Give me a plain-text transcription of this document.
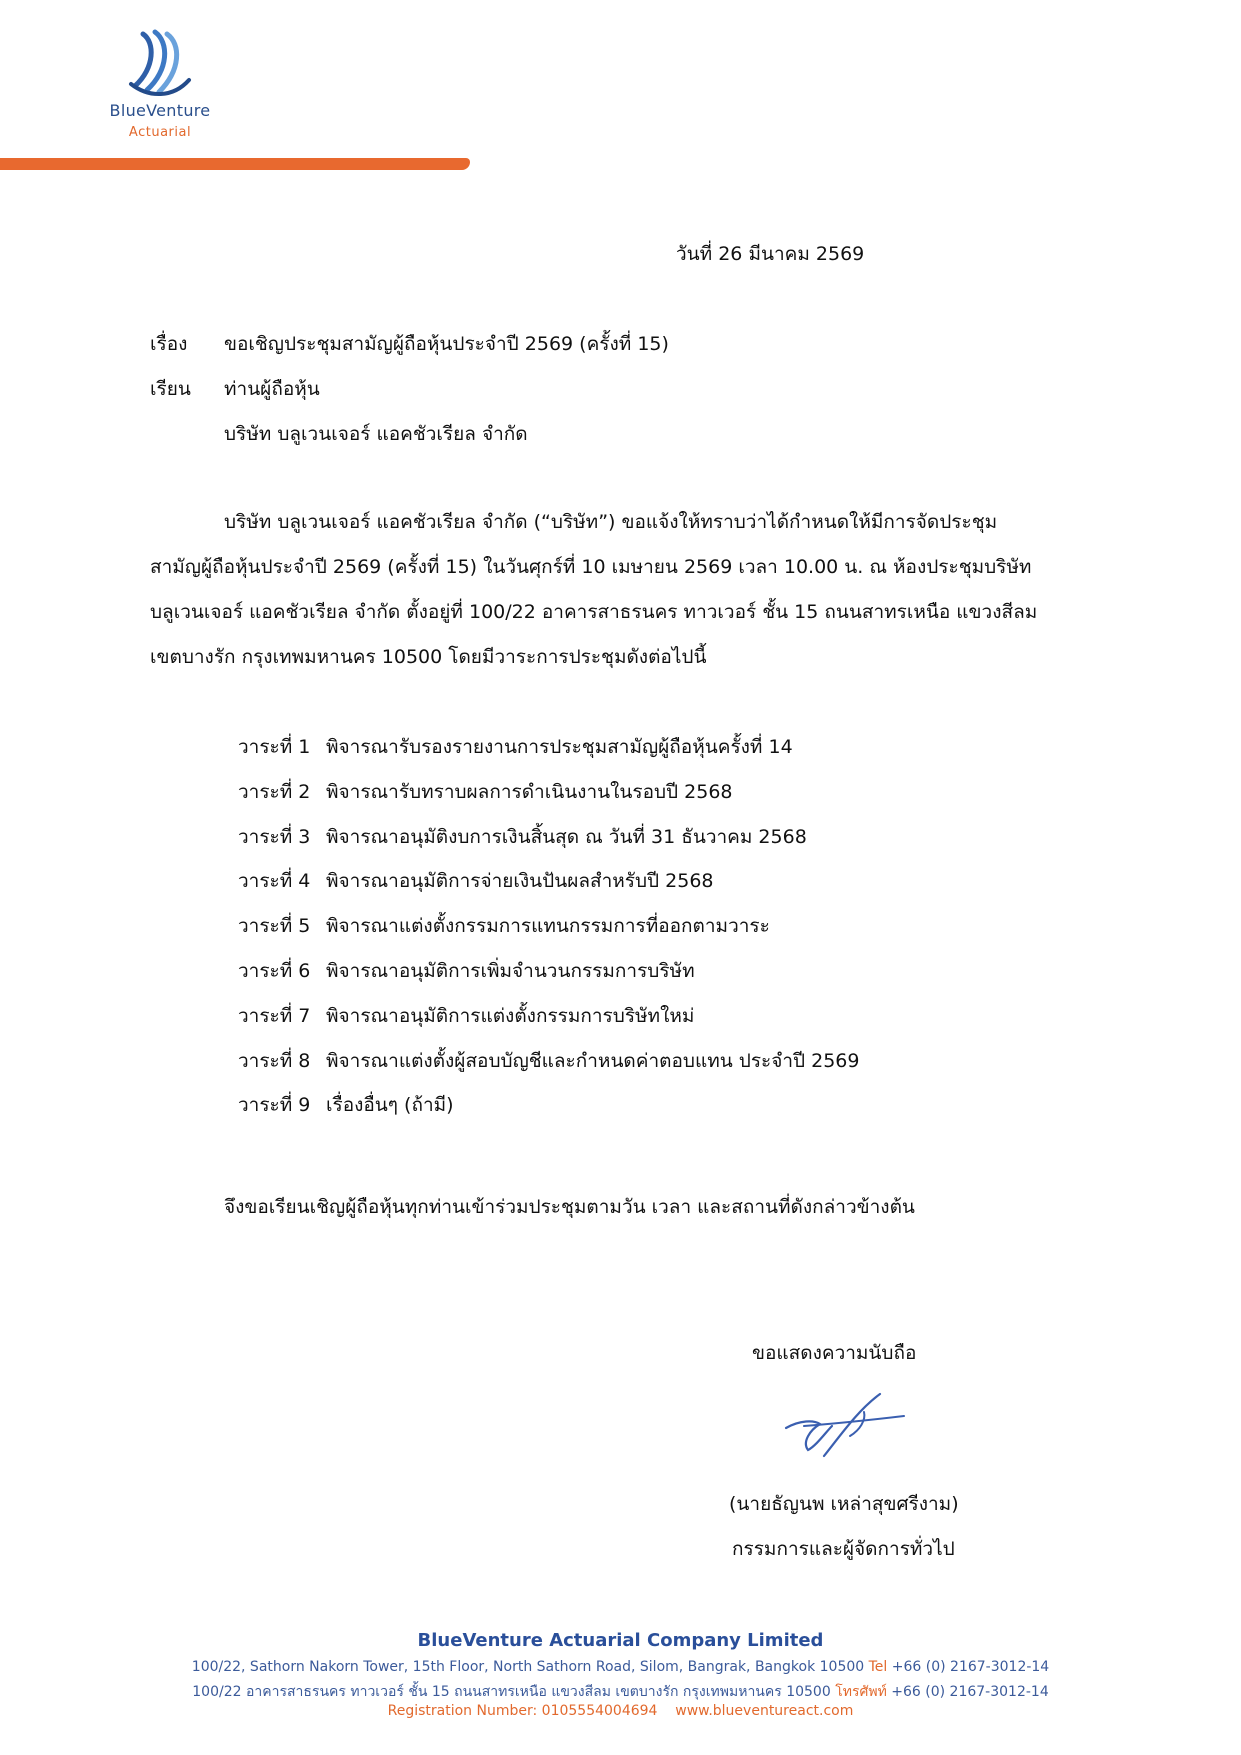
BlueVenture
Actuarial
วันที่ 26 มีนาคม 2569
เรื่อง ขอเชิญประชุมสามัญผู้ถือหุ้นประจำปี 2569 (ครั้งที่ 15)
เรียน ท่านผู้ถือหุ้น
บริษัท บลูเวนเจอร์ แอคชัวเรียล จำกัด
บริษัท บลูเวนเจอร์ แอคชัวเรียล จำกัด (“บริษัท”) ขอแจ้งให้ทราบว่าได้กำหนดให้มีการจัดประชุม
สามัญผู้ถือหุ้นประจำปี 2569 (ครั้งที่ 15) ในวันศุกร์ที่ 10 เมษายน 2569 เวลา 10.00 น. ณ ห้องประชุมบริษัท
บลูเวนเจอร์ แอคชัวเรียล จำกัด ตั้งอยู่ที่ 100/22 อาคารสาธรนคร ทาวเวอร์ ชั้น 15 ถนนสาทรเหนือ แขวงสีลม
เขตบางรัก กรุงเทพมหานคร 10500 โดยมีวาระการประชุมดังต่อไปนี้
วาระที่ 1 พิจารณารับรองรายงานการประชุมสามัญผู้ถือหุ้นครั้งที่ 14
วาระที่ 2 พิจารณารับทราบผลการดำเนินงานในรอบปี 2568
วาระที่ 3 พิจารณาอนุมัติงบการเงินสิ้นสุด ณ วันที่ 31 ธันวาคม 2568
วาระที่ 4 พิจารณาอนุมัติการจ่ายเงินปันผลสำหรับปี 2568
วาระที่ 5 พิจารณาแต่งตั้งกรรมการแทนกรรมการที่ออกตามวาระ
วาระที่ 6 พิจารณาอนุมัติการเพิ่มจำนวนกรรมการบริษัท
วาระที่ 7 พิจารณาอนุมัติการแต่งตั้งกรรมการบริษัทใหม่
วาระที่ 8 พิจารณาแต่งตั้งผู้สอบบัญชีและกำหนดค่าตอบแทน ประจำปี 2569
วาระที่ 9 เรื่องอื่นๆ (ถ้ามี)
จึงขอเรียนเชิญผู้ถือหุ้นทุกท่านเข้าร่วมประชุมตามวัน เวลา และสถานที่ดังกล่าวข้างต้น
ขอแสดงความนับถือ
(นายธัญนพ เหล่าสุขศรีงาม)
กรรมการและผู้จัดการทั่วไป
BlueVenture Actuarial Company Limited
100/22, Sathorn Nakorn Tower, 15th Floor, North Sathorn Road, Silom, Bangrak, Bangkok 10500 Tel +66 (0) 2167-3012-14
100/22 อาคารสาธรนคร ทาวเวอร์ ชั้น 15 ถนนสาทรเหนือ แขวงสีลม เขตบางรัก กรุงเทพมหานคร 10500 โทรศัพท์ +66 (0) 2167-3012-14
Registration Number: 0105554004694 www.blueventureact.com
